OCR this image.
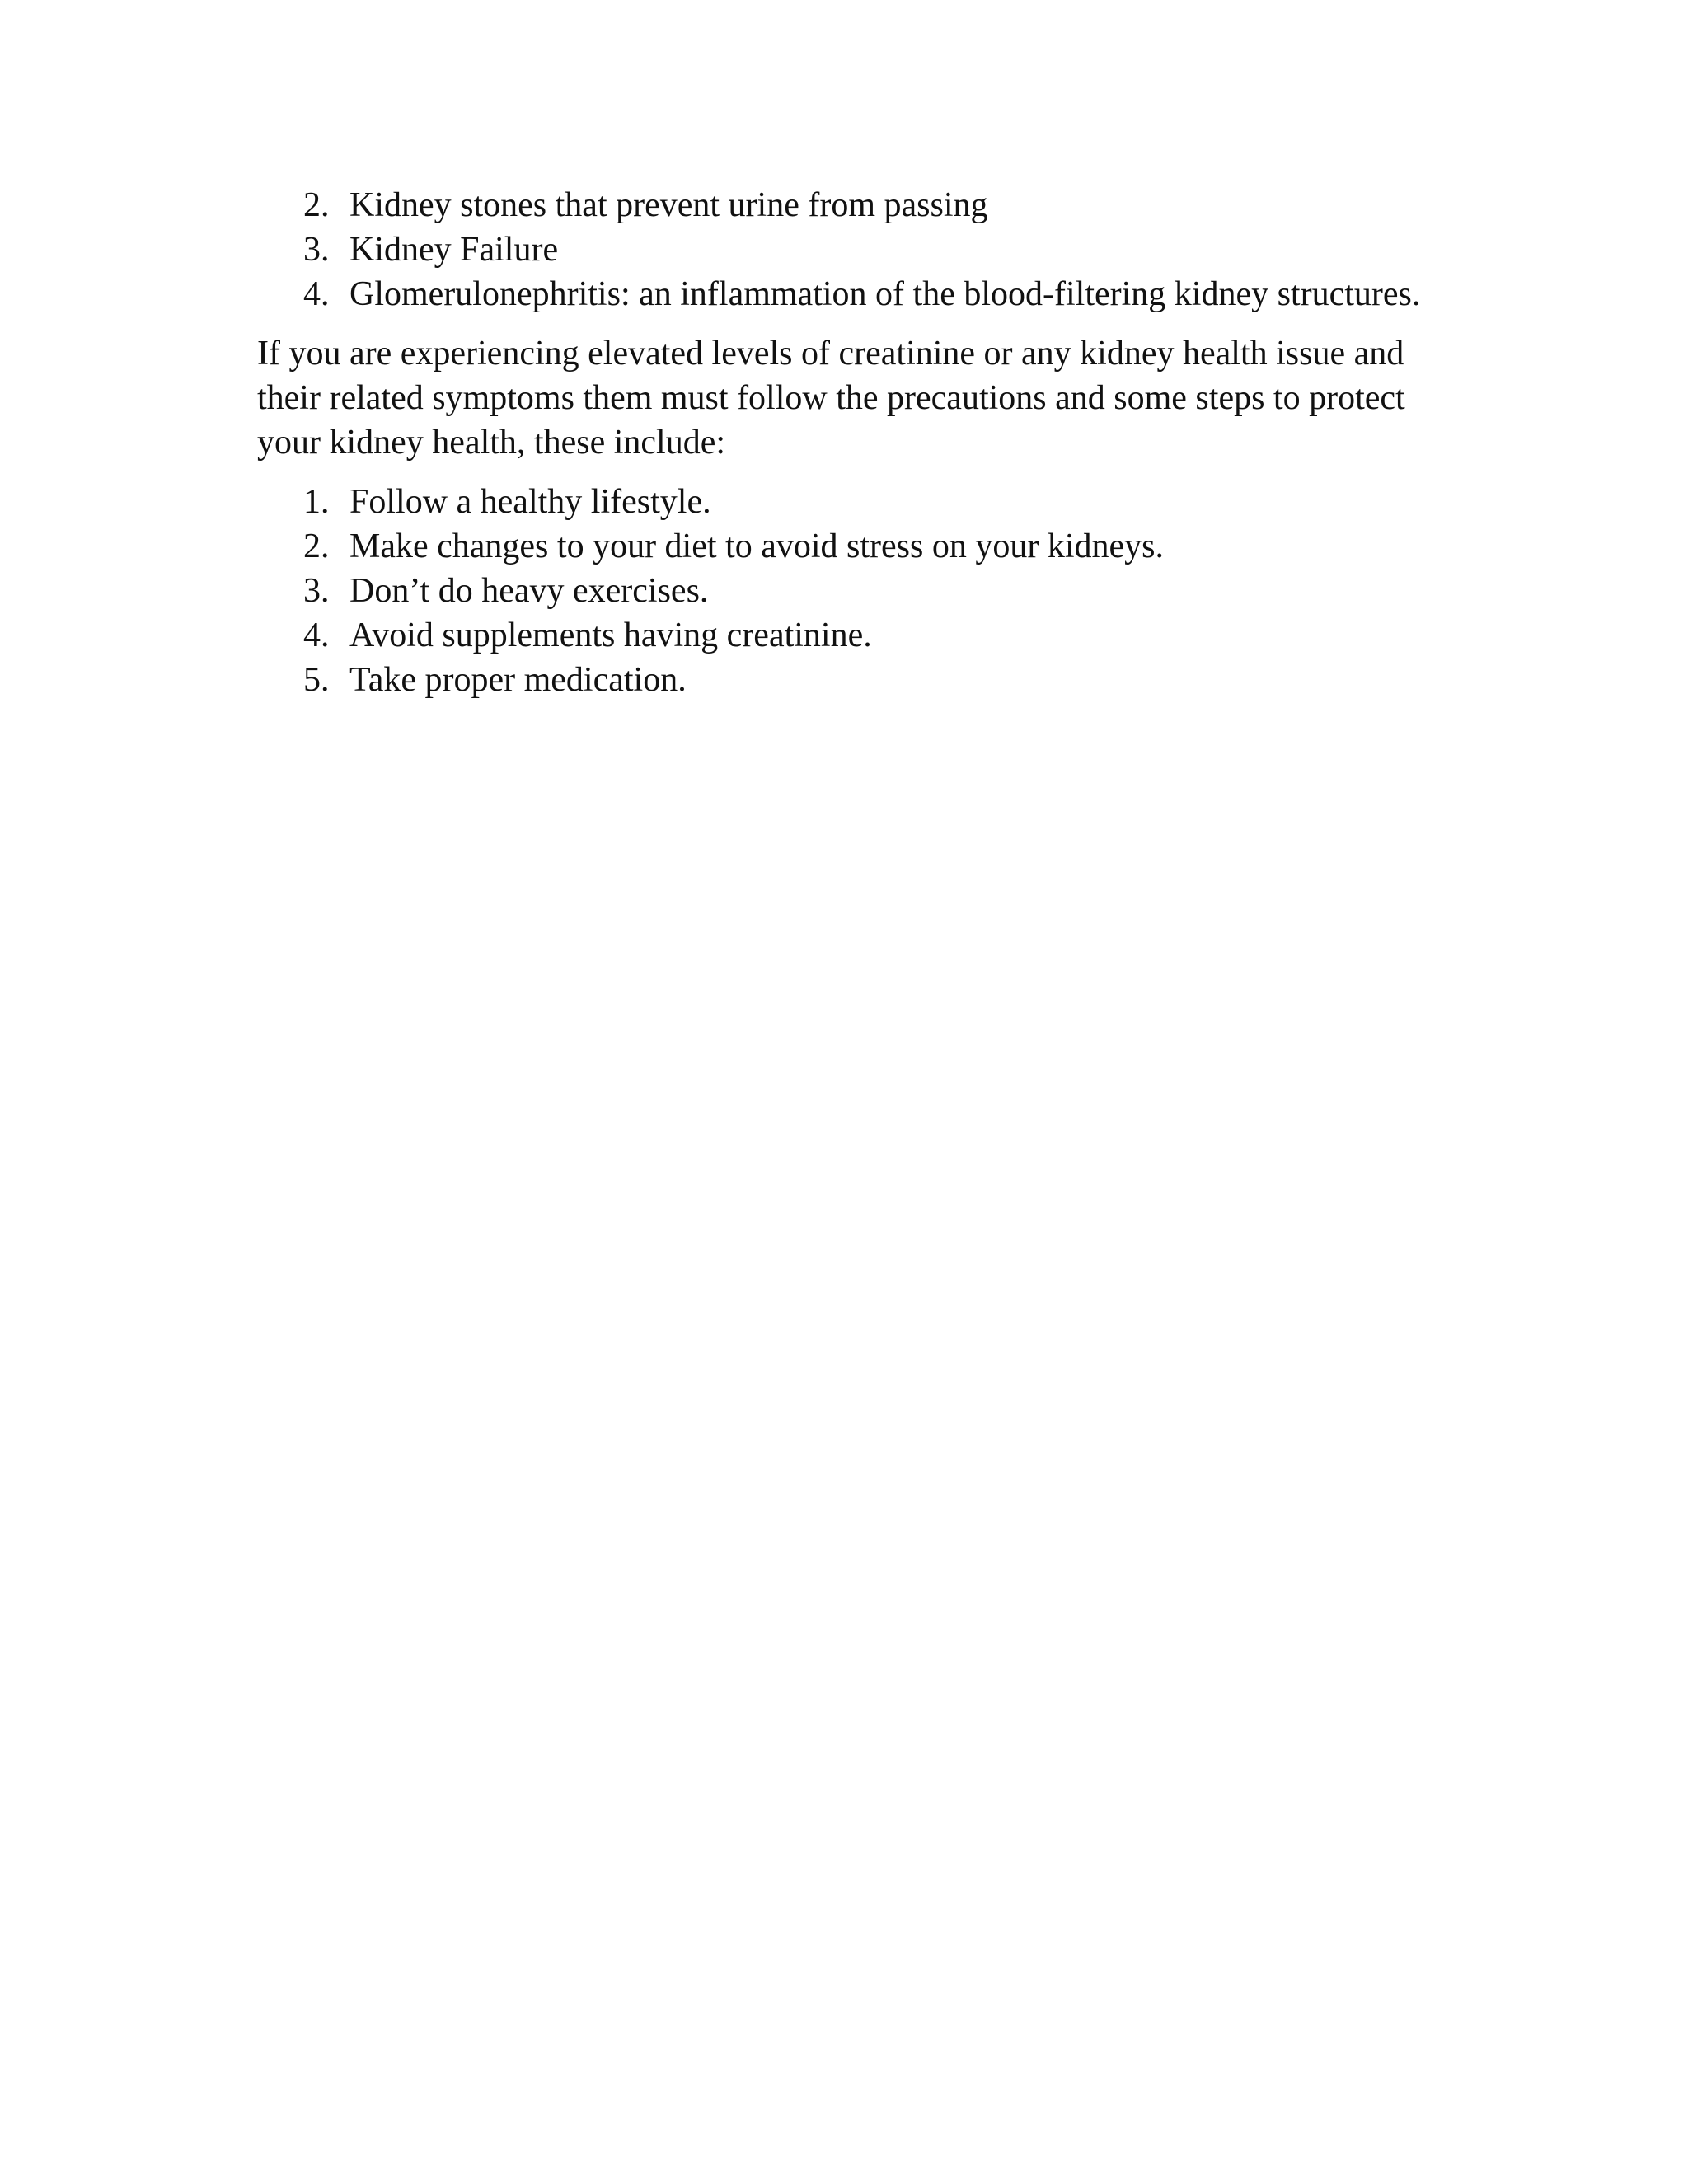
2. Kidney stones that prevent urine from passing
3. Kidney Failure
4. Glomerulonephritis: an inflammation of the blood-filtering kidney structures.
If you are experiencing elevated levels of creatinine or any kidney health issue and
their related symptoms them must follow the precautions and some steps to protect
your kidney health, these include:
1. Follow a healthy lifestyle.
2. Make changes to your diet to avoid stress on your kidneys.
3. Don’t do heavy exercises.
4. Avoid supplements having creatinine.
5. Take proper medication.
